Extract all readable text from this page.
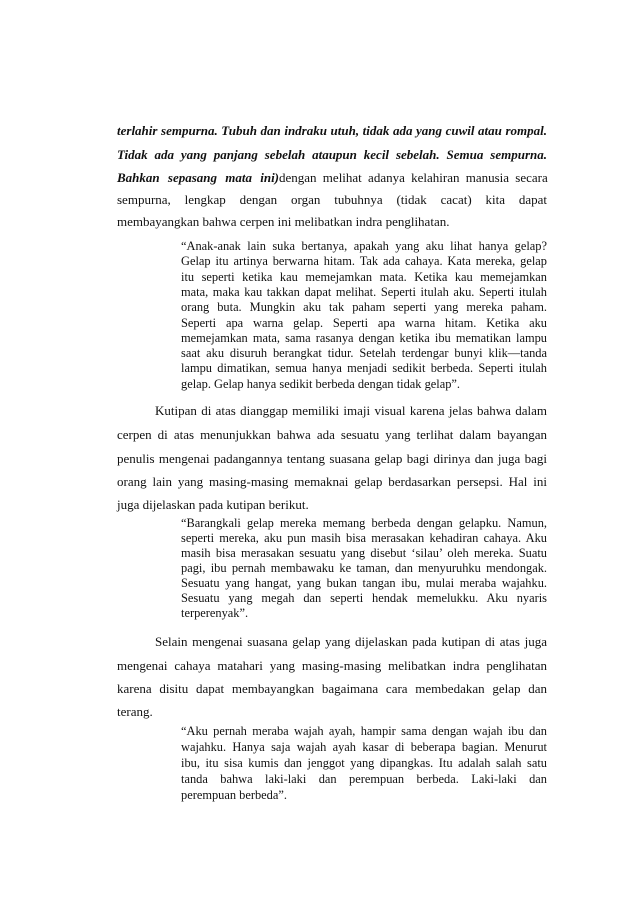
terlahir sempurna. Tubuh dan indraku utuh, tidak ada yang cuwil atau rompal.
Tidak ada yang panjang sebelah ataupun kecil sebelah. Semua sempurna.
Bahkan sepasang mata ini) dengan melihat adanya kelahiran manusia secara
sempurna, lengkap dengan organ tubuhnya (tidak cacat) kita dapat
membayangkan bahwa cerpen ini melibatkan indra penglihatan.
“Anak-anak lain suka bertanya, apakah yang aku lihat hanya gelap?
Gelap itu artinya berwarna hitam. Tak ada cahaya. Kata mereka, gelap
itu seperti ketika kau memejamkan mata. Ketika kau memejamkan
mata, maka kau takkan dapat melihat. Seperti itulah aku. Seperti itulah
orang buta. Mungkin aku tak paham seperti yang mereka paham.
Seperti apa warna gelap. Seperti apa warna hitam. Ketika aku
memejamkan mata, sama rasanya dengan ketika ibu mematikan lampu
saat aku disuruh berangkat tidur. Setelah terdengar bunyi klik—tanda
lampu dimatikan, semua hanya menjadi sedikit berbeda. Seperti itulah
gelap. Gelap hanya sedikit berbeda dengan tidak gelap”.
Kutipan di atas dianggap memiliki imaji visual karena jelas bahwa dalam
cerpen di atas menunjukkan bahwa ada sesuatu yang terlihat dalam bayangan
penulis mengenai padangannya tentang suasana gelap bagi dirinya dan juga bagi
orang lain yang masing-masing memaknai gelap berdasarkan persepsi. Hal ini
juga dijelaskan pada kutipan berikut.
“Barangkali gelap mereka memang berbeda dengan gelapku. Namun,
seperti mereka, aku pun masih bisa merasakan kehadiran cahaya. Aku
masih bisa merasakan sesuatu yang disebut ‘silau’ oleh mereka. Suatu
pagi, ibu pernah membawaku ke taman, dan menyuruhku mendongak.
Sesuatu yang hangat, yang bukan tangan ibu, mulai meraba wajahku.
Sesuatu yang megah dan seperti hendak memelukku. Aku nyaris
terperenyak”.
Selain mengenai suasana gelap yang dijelaskan pada kutipan di atas juga
mengenai cahaya matahari yang masing-masing melibatkan indra penglihatan
karena disitu dapat membayangkan bagaimana cara membedakan gelap dan
terang.
“Aku pernah meraba wajah ayah, hampir sama dengan wajah ibu dan
wajahku. Hanya saja wajah ayah kasar di beberapa bagian. Menurut
ibu, itu sisa kumis dan jenggot yang dipangkas. Itu adalah salah satu
tanda bahwa laki-laki dan perempuan berbeda. Laki-laki dan
perempuan berbeda”.
